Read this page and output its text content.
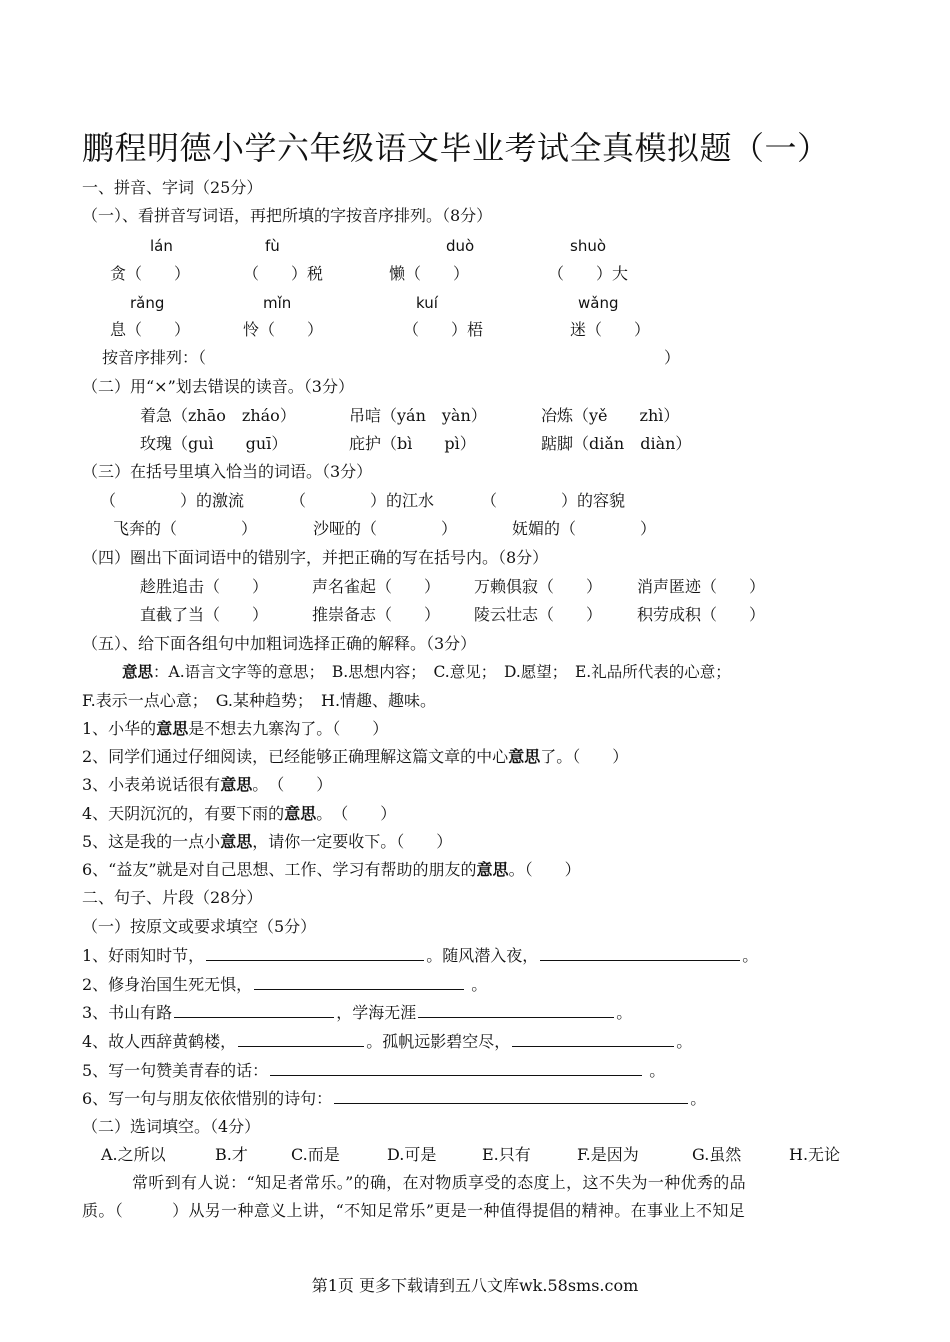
鹏程明德小学六年级语文毕业考试全真模拟题（一）
一、拼音、字词（25分）
（一）、看拼音写词语，再把所填的字按音序排列。（8分）
lán	fù	duò	shuò
贪（　　）	（　　）税	懒（　　）	（　　）大
rǎng	mǐn	kuí	wǎng
息（　　）	怜（　　）	（　　）梧	迷（　　）
按音序排列：（	）
（二）用“×”划去错误的读音。（3分）
着急（zhāo　zháo）	吊唁（yán　yàn）	冶炼（yě　　zhì）
玫瑰（guì　　guī）	庇护（bì　　pì）	踮脚（diǎn　diàn）
（三）在括号里填入恰当的词语。（3分）
（　　　　）的激流	（　　　　）的江水	（　　　　）的容貌
飞奔的（　　　　）	沙哑的（　　　　）	妩媚的（　　　　）
（四）圈出下面词语中的错别字，并把正确的写在括号内。（8分）
趁胜追击（　　）	声名雀起（　　） 万赖俱寂（　　） 消声匿迹（　　）
直截了当（　　）	推崇备志（　　） 陵云壮志（　　） 积劳成积（　　）
（五）、给下面各组句中加粗词选择正确的解释。（3分）
意思：A.语言文字等的意思；　B.思想内容；　C.意见；　D.愿望；　E.礼品所代表的心意；
F.表示一点心意；　G.某种趋势；　H.情趣、趣味。
1、小华的意思是不想去九寨沟了。（　　）
2、同学们通过仔细阅读，已经能够正确理解这篇文章的中心意思了。（　　）
3、小表弟说话很有意思。　（　　）
4、天阴沉沉的，有要下雨的意思。　（　　）
5、这是我的一点小意思，请你一定要收下。（　　）
6、“益友”就是对自己思想、工作、学习有帮助的朋友的意思。（　　）
二、句子、片段（28分）
（一）按原文或要求填空（5分）
1、好雨知时节，	。随风潜入夜，	。
2、修身治国生死无惧，	。
3、书山有路	，学海无涯	。
4、故人西辞黄鹤楼，	。孤帆远影碧空尽，	。
5、写一句赞美青春的话：	。
6、写一句与朋友依依惜别的诗句：	。
（二）选词填空。（4分）
A.之所以	B.才	C.而是	D.可是	E.只有	F.是因为	G.虽然	H.无论
常听到有人说：“知足者常乐。”的确，在对物质享受的态度上，这不失为一种优秀的品
质。（　　　）从另一种意义上讲，“不知足常乐”更是一种值得提倡的精神。在事业上不知足
第1页 更多下载请到五八文库wk.58sms.com
